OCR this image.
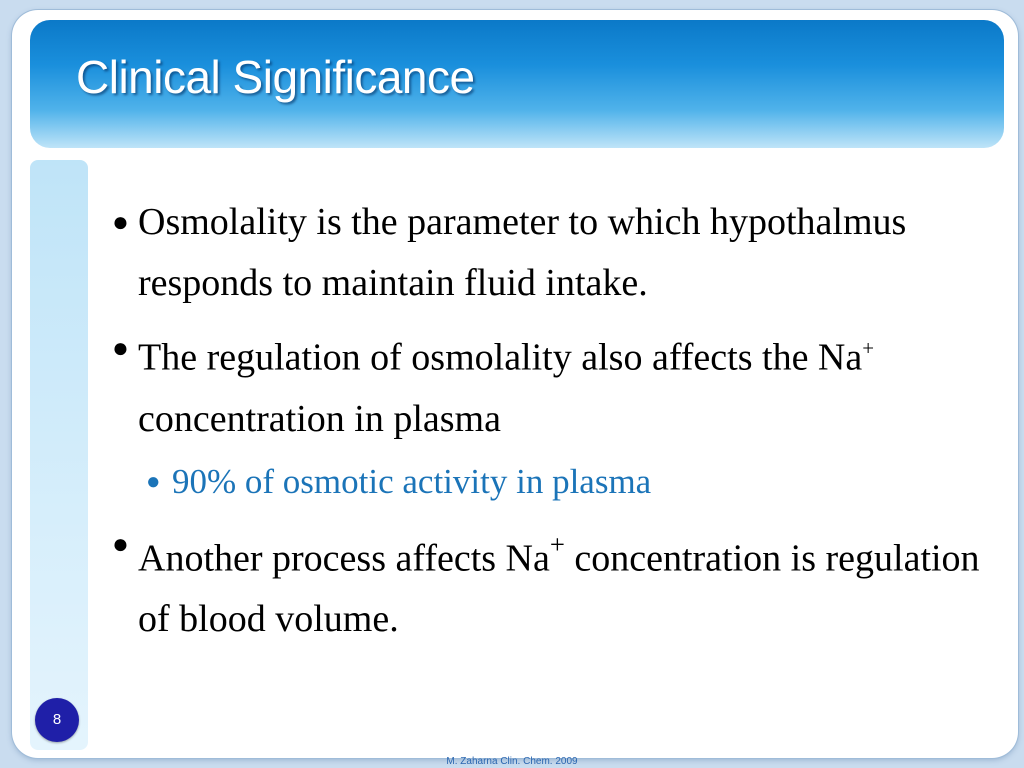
Clinical Significance
8
● Osmolality is the parameter to which hypothalmus responds to maintain fluid intake.
● The regulation of osmolality also affects the Na+ concentration in plasma
● 90% of osmotic activity in plasma
● Another process affects Na+ concentration is regulation of blood volume.
M. Zaharna Clin. Chem. 2009
